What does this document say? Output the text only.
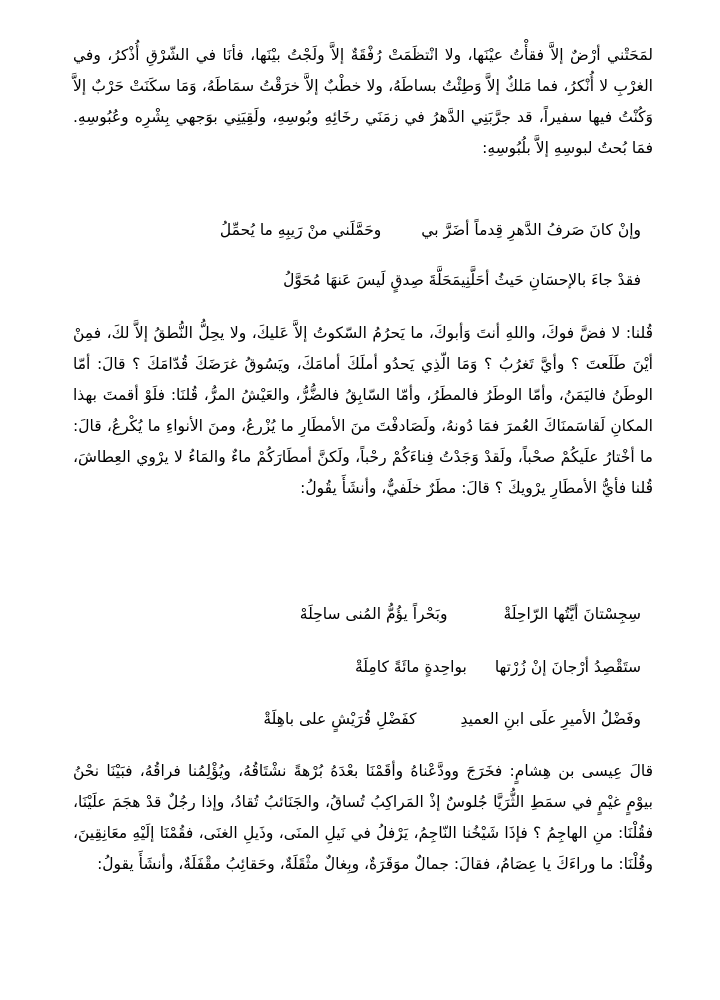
لمَحَتْني أرْضٌ إلاَّ فقأْتُ عيْنَها، ولا انْتظَمَتْ رُفْقَةٌ إلاَّ ولَجْتُ بيْنَها، فأنَا في الشّرْقِ أُذْكرُ، وفي الغرْبِ لا أُنْكرُ، فما مَلكٌ إلاَّ وَطِئْتُ بساطَهُ، ولا خطْبٌ إلاَّ خرَقْتُ سمَاطَهُ، وَمَا سكَنَتْ حَرْبٌ إلاَّ وَكُنْتُ فيها سفيراً، قد جرَّبَنِي الدَّهرُ في زمَنَي رخَائِهِ وبُوسِهِ، ولَقِيَنِي بوَجهي بِشْرِه وعُبُوسِهِ. فمَا بُحتُ لبوسِهِ إلاَّ بلُبُوسِهِ:

وإنْ كانَ صَرفُ الدَّهرِ قِدماً أضَرَّ بيوحَمَّلَني منْ رَيبِهِ ما يُحمِّلُ
فقدْ جاءَ بالإحسَانِ حَيثُ أحَلَّنِيمَحَلَّةَ صِدقٍ لَيسَ عَنهَا مُحَوَّلُ

قُلنا: لا فضَّ فوكَ، واللهِ أنتَ وَأبوكَ، ما يَحرُمُ السّكوتُ إلاَّ عَليكَ، ولا يحِلُّ النُّطقُ إلاَّ لكَ، فمِنْ أيْنَ طَلَعتَ ؟ وأيَّ تَغرُبُ ؟ وَمَا الّذِي يَحدُو أملَكَ أمامَكَ، ويَسُوقُ غرَضَكَ قُدّامَكَ ؟ قالَ: أمّا الوطَنُ فاليَمَنُ، وأمّا الوطَرُ فالمطَرُ، وأمّا السّابِقُ فالضُّرُّ، والعَيْشُ المرُّ، قُلنَا: فلَوْ أقمتَ بهذا المكانِ لَقاسَمنَاكَ العُمرَ فمَا دُونهُ، ولَصَادفْتَ منَ الأمطَارِ ما يُزْرعُ، ومنَ الأنواءِ ما يُكْرعُ، قالَ: ما أخْتارُ علَيكُمْ صحْباً، ولَقدْ وَجَدْتُ فِناءَكُمْ رحْباً، ولَكنَّ أمطَارَكُمْ ماءٌ والمَاءُ لا يرْوي العِطاشَ، قُلنا فأيُّ الأمطَارِ يرْويكَ ؟ قالَ: مطَرٌ خلَفيٌّ، وأنشَأَ يقُولُ:

سِجِسْتانَ أيَّتُها الرّاحِلَةْوبَحْراً يؤُمُّ المُنى ساحِلَهْ
ستَقْصِدُ أرْجانَ إنْ زُرْتهابواحِدةٍ مائَةً كامِلَةْ
وفَضْلُ الأميرِ علَى ابنِ العميدِكفَضْلِ قُرَيْشٍ على باهِلَةْ

قالَ عِيسى بن هِشامٍ: فخَرَجَ وودَّعْناهُ وأقَمْنَا بعْدَهُ بُرْهةً نشْتَاقُهُ، ويُؤْلِمُنا فراقُهُ، فبَيْنَا نحْنُ بيوْمٍ غيْمٍ في سمَطِ الثُّرَيَّا جُلوسٌ إذْ المَراكِبُ تُساقُ، والجَنَائبُ تُقادُ، وإذا رجُلٌ قدْ هجَمَ علَيْنَا، فقُلْنَا: منِ الهاجِمُ ؟ فإذَا شَيْخُنا النّاجِمُ، يَرْفلُ في نَيلِ المنَى، وذَيلِ الغنَى، فقُمْنَا إلَيْهِ معَانِقِينَ، وقُلْنَا: ما وراءَكَ يا عِصَامُ، فقالَ: جمالٌ موَقَرَةٌ، وبِغالٌ مثْقَلَةٌ، وحَقائِبُ مقْفَلَةٌ، وأنشَأَ يقولُ:
